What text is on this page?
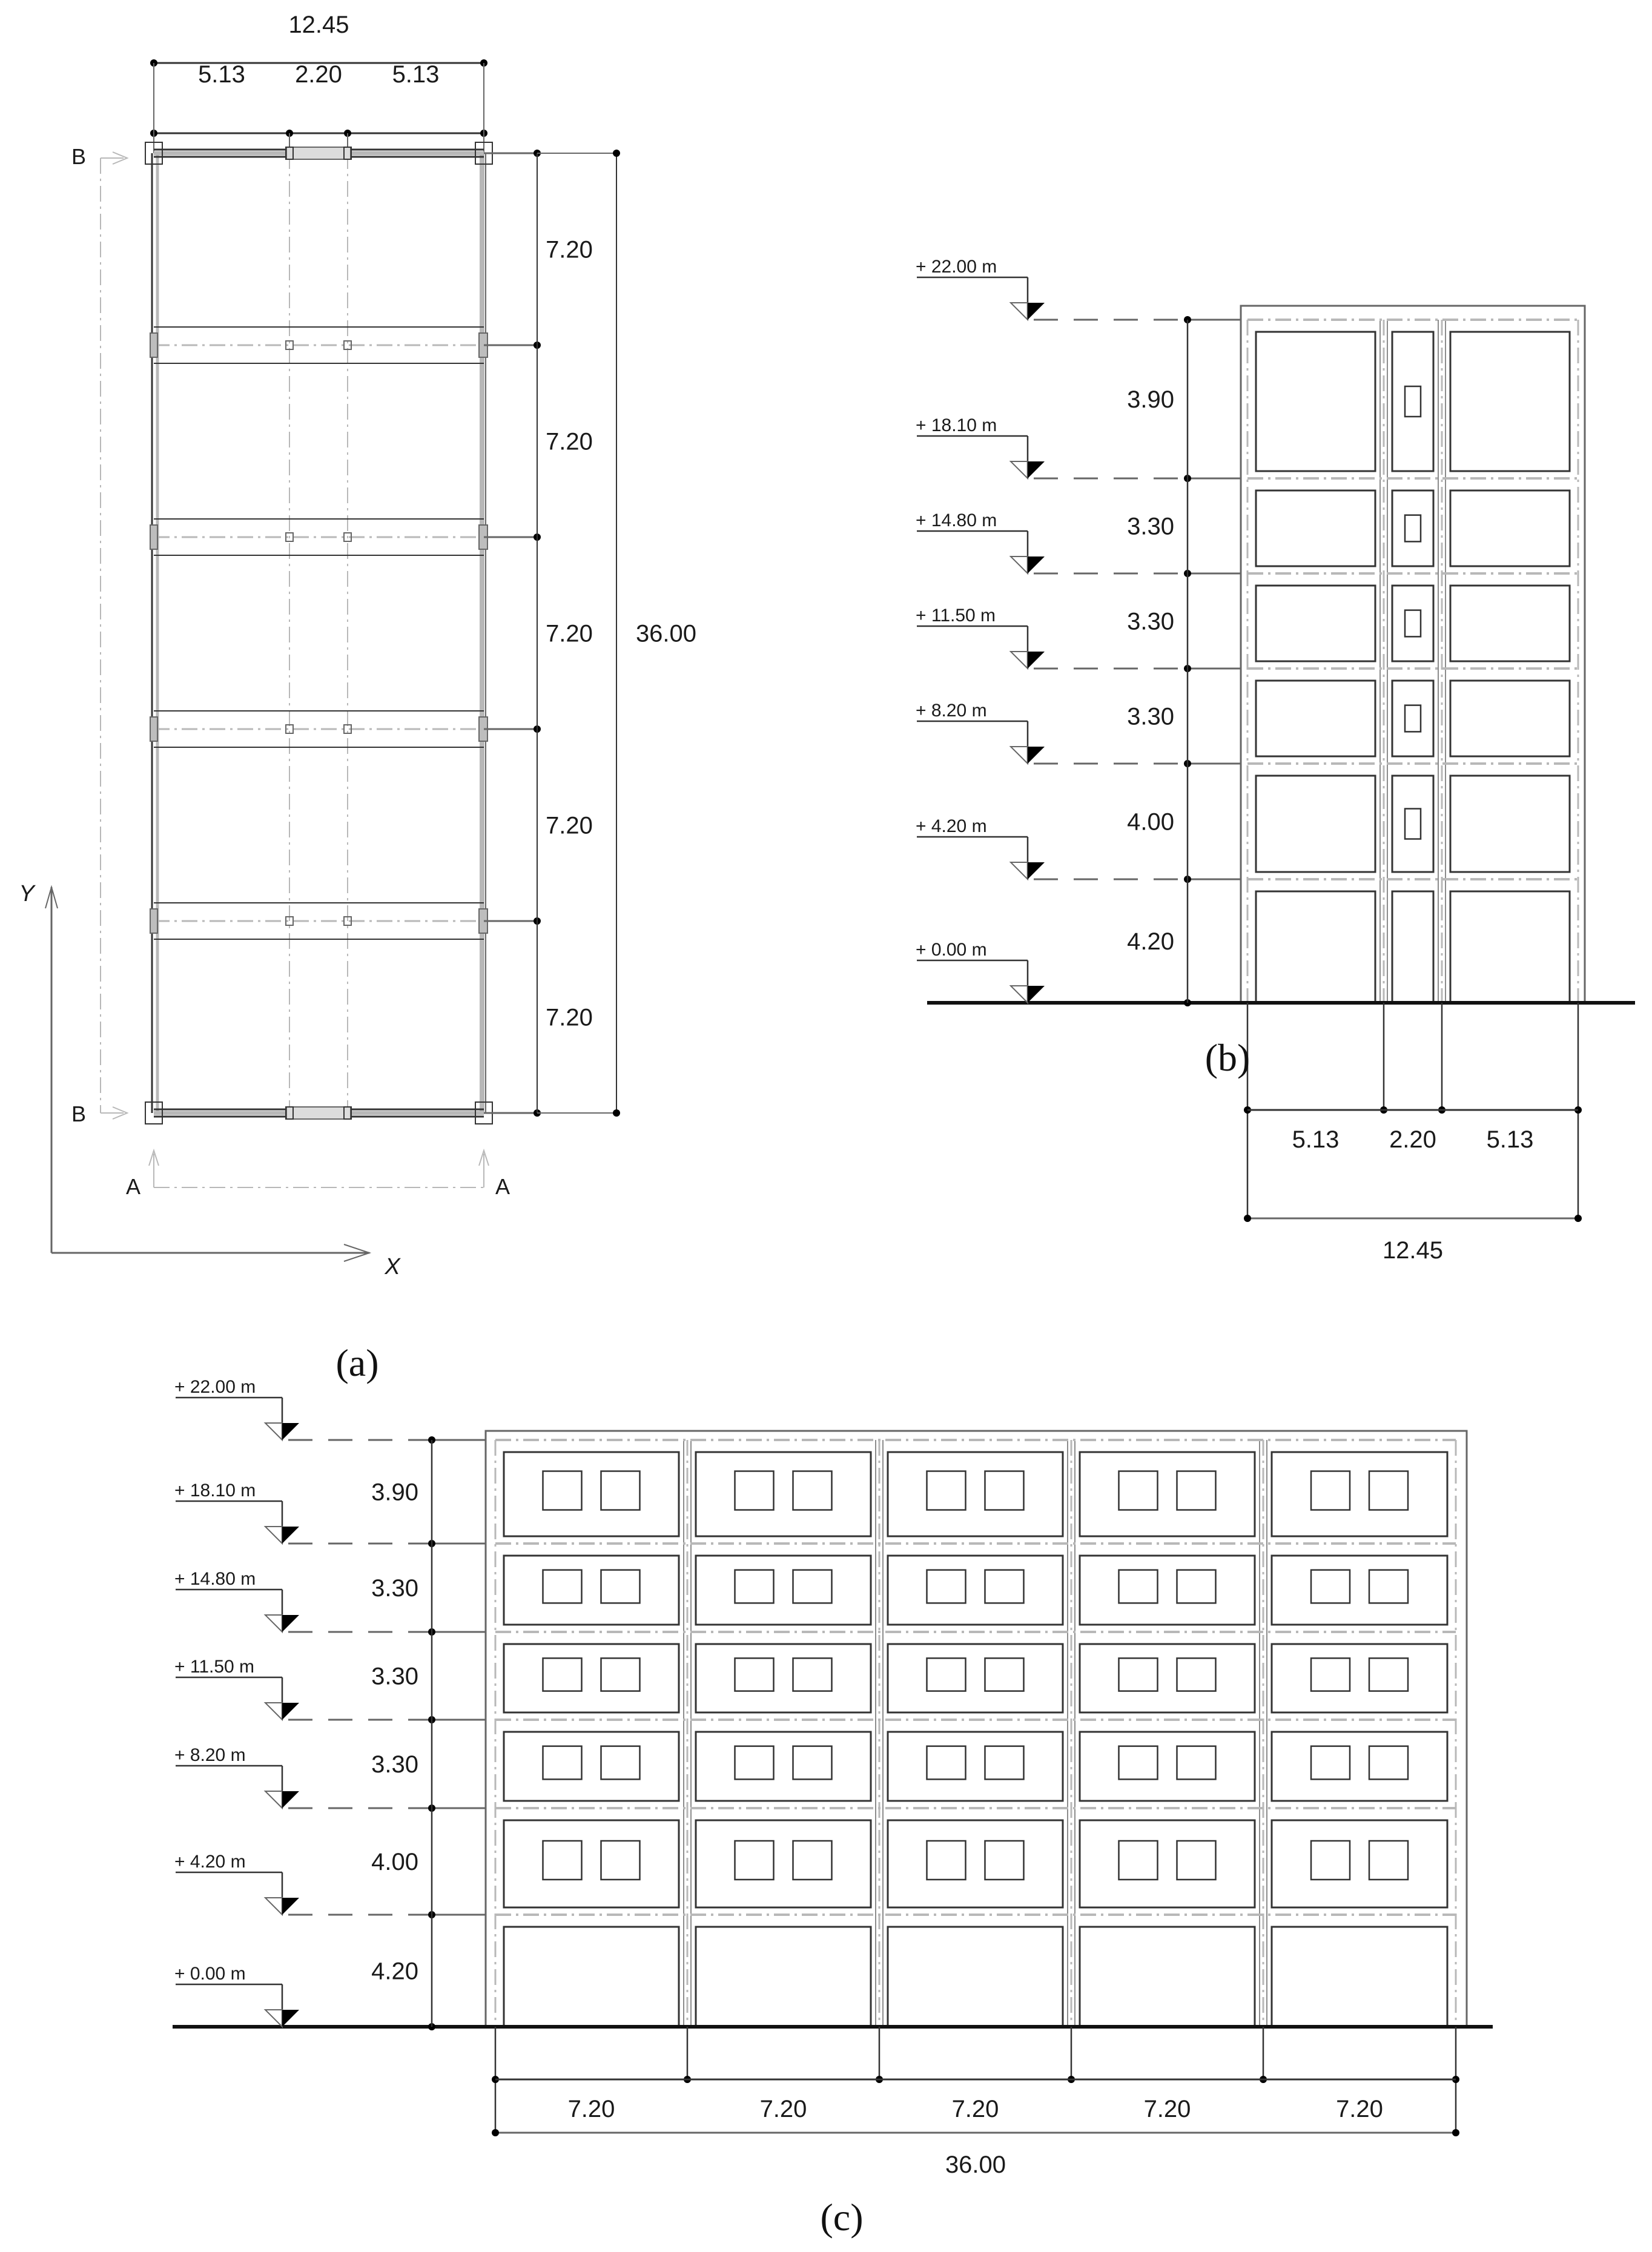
12.45
5.13 2.20 5.13
7.20
7.20
7.20
7.20
7.20
36.00
B
B
A	A
Y
X
+ 22.00 m
+ 18.10 m
+ 14.80 m
+ 11.50 m
+ 8.20 m
+ 4.20 m
+ 0.00 m
3.90
3.30
3.30
3.30
4.00
4.20
5.13 2.20 5.13
12.45
+ 22.00 m
+ 18.10 m
+ 14.80 m
+ 11.50 m
+ 8.20 m
+ 4.20 m
+ 0.00 m
3.90
3.30
3.30
3.30
4.00
4.20
7.20	7.20	7.20	7.20	7.20
36.00
(a)
(b)
(c)
